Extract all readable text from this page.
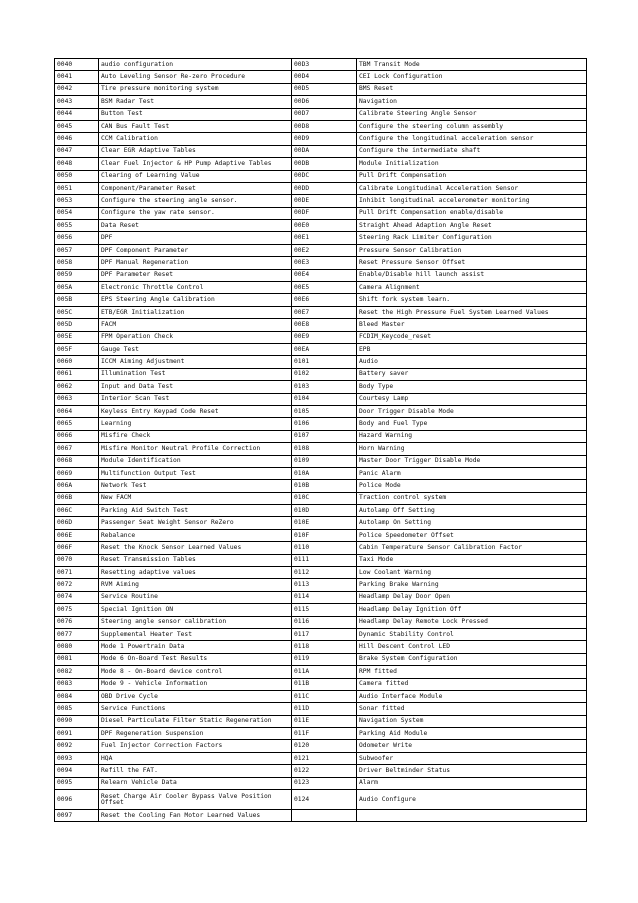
0040	audio configuration	00D3	TBM Transit Mode
0041	Auto Leveling Sensor Re-zero Procedure	00D4	CEI Lock Configuration
0042	Tire pressure monitoring system	00D5	BMS Reset
0043	BSM Radar Test	00D6	Navigation
0044	Button Test	00D7	Calibrate Steering Angle Sensor
0045	CAN Bus Fault Test	00D8	Configure the steering column assembly
0046	CCM Calibration	00D9	Configure the longitudinal acceleration sensor
0047	Clear EGR Adaptive Tables	00DA	Configure the intermediate shaft
0048	Clear Fuel Injector & HP Pump Adaptive Tables	00DB	Module Initialization
0050	Clearing of Learning Value	00DC	Pull Drift Compensation
0051	Component/Parameter Reset	00DD	Calibrate Longitudinal Acceleration Sensor
0053	Configure the steering angle sensor.	00DE	Inhibit longitudinal accelerometer monitoring
0054	Configure the yaw rate sensor.	00DF	Pull Drift Compensation enable/disable
0055	Data Reset	00E0	Straight Ahead Adaption Angle Reset
0056	DPF	00E1	Steering Rack Limiter Configuration
0057	DPF Component Parameter	00E2	Pressure Sensor Calibration
0058	DPF Manual Regeneration	00E3	Reset Pressure Sensor Offset
0059	DPF Parameter Reset	00E4	Enable/Disable hill launch assist
005A	Electronic Throttle Control	00E5	Camera Alignment
005B	EPS Steering Angle Calibration	00E6	Shift fork system learn.
005C	ETB/EGR Initialization	00E7	Reset the High Pressure Fuel System Learned Values
005D	FACM	00E8	Bleed Master
005E	FPM Operation Check	00E9	FCDIM_Keycode_reset
005F	Gauge Test	00EA	EPB
0060	ICCM Aiming Adjustment	0101	Audio
0061	Illumination Test	0102	Battery saver
0062	Input and Data Test	0103	Body Type
0063	Interior Scan Test	0104	Courtesy Lamp
0064	Keyless Entry Keypad Code Reset	0105	Door Trigger Disable Mode
0065	Learning	0106	Body and Fuel Type
0066	Misfire Check	0107	Hazard Warning
0067	Misfire Monitor Neutral Profile Correction	0108	Horn Warning
0068	Module Identification	0109	Master Door Trigger Disable Mode
0069	Multifunction Output Test	010A	Panic Alarm
006A	Network Test	010B	Police Mode
006B	New FACM	010C	Traction control system
006C	Parking Aid Switch Test	010D	Autolamp Off Setting
006D	Passenger Seat Weight Sensor ReZero	010E	Autolamp On Setting
006E	Rebalance	010F	Police Speedometer Offset
006F	Reset the Knock Sensor Learned Values	0110	Cabin Temperature Sensor Calibration Factor
0070	Reset Transmission Tables	0111	Taxi Mode
0071	Resetting adaptive values	0112	Low Coolant Warning
0072	RVM Aiming	0113	Parking Brake Warning
0074	Service Routine	0114	Headlamp Delay Door Open
0075	Special Ignition ON	0115	Headlamp Delay Ignition Off
0076	Steering angle sensor calibration	0116	Headlamp Delay Remote Lock Pressed
0077	Supplemental Heater Test	0117	Dynamic Stability Control
0080	Mode 1 Powertrain Data	0118	Hill Descent Control LED
0081	Mode 6 On-Board Test Results	0119	Brake System Configuration
0082	Mode 8 - On-Board device control	011A	RPM fitted
0083	Mode 9 - Vehicle Information	011B	Camera fitted
0084	OBD Drive Cycle	011C	Audio Interface Module
0085	Service Functions	011D	Sonar fitted
0090	Diesel Particulate Filter Static Regeneration	011E	Navigation System
0091	DPF Regeneration Suspension	011F	Parking Aid Module
0092	Fuel Injector Correction Factors	0120	Odometer Write
0093	HQA	0121	Subwoofer
0094	Refill the FAT.	0122	Driver Beltminder Status
0095	Relearn Vehicle Data	0123	Alarm
0096	Reset Charge Air Cooler Bypass Valve Position Offset	0124	Audio Configure
0097	Reset the Cooling Fan Motor Learned Values		
